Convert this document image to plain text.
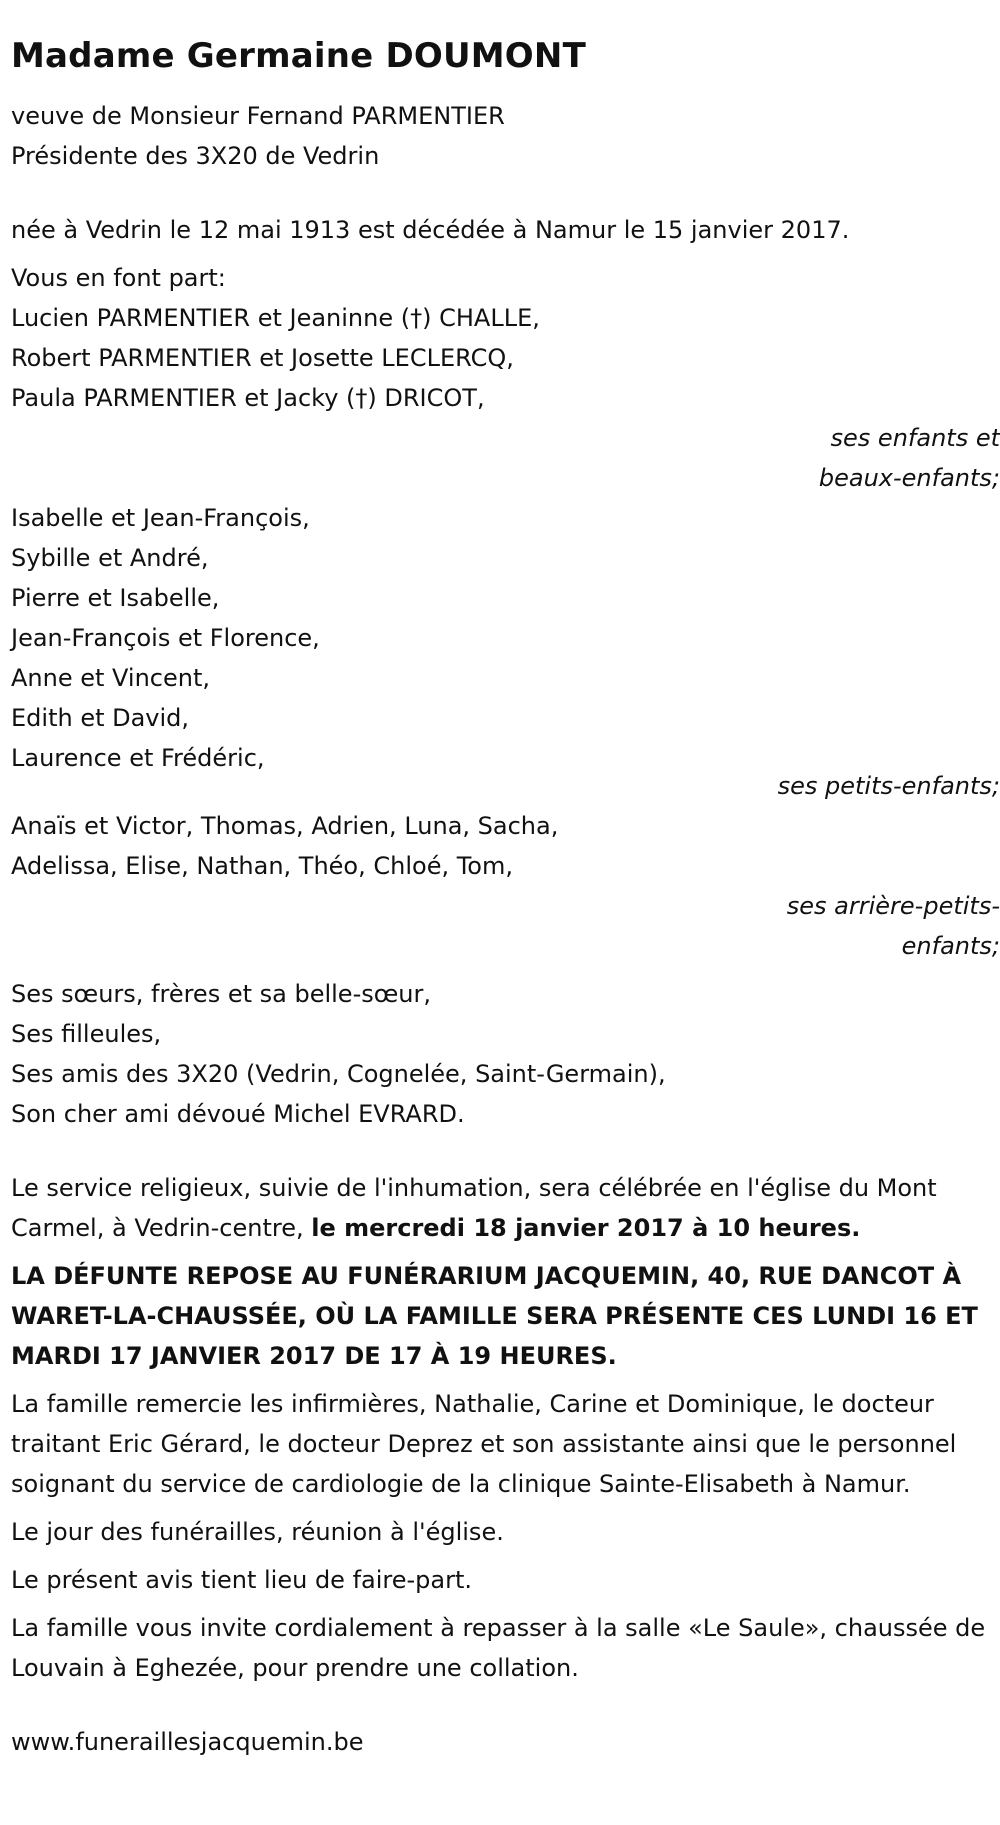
Madame Germaine DOUMONT

veuve de Monsieur Fernand PARMENTIER

Présidente des 3X20 de Vedrin

née à Vedrin le 12 mai 1913 est décédée à Namur le 15 janvier 2017.

Vous en font part:

Lucien PARMENTIER et Jeaninne (†) CHALLE,

Robert PARMENTIER et Josette LECLERCQ,

Paula PARMENTIER et Jacky (†) DRICOT,

ses enfants et

beaux-enfants;

Isabelle et Jean-François,

Sybille et André,

Pierre et Isabelle,

Jean-François et Florence,

Anne et Vincent,

Edith et David,

Laurence et Frédéric,

ses petits-enfants;

Anaïs et Victor, Thomas, Adrien, Luna, Sacha,

Adelissa, Elise, Nathan, Théo, Chloé, Tom,

ses arrière-petits-

enfants;

Ses sœurs, frères et sa belle-sœur,

Ses filleules,

Ses amis des 3X20 (Vedrin, Cognelée, Saint-Germain),

Son cher ami dévoué Michel EVRARD.

Le service religieux, suivie de l'inhumation, sera célébrée en l'église du Mont Carmel, à Vedrin-centre, le mercredi 18 janvier 2017 à 10 heures.

LA DÉFUNTE REPOSE AU FUNÉRARIUM JACQUEMIN, 40, RUE DANCOT À WARET-LA-CHAUSSÉE, OÙ LA FAMILLE SERA PRÉSENTE CES LUNDI 16 ET MARDI 17 JANVIER 2017 DE 17 À 19 HEURES.

La famille remercie les infirmières, Nathalie, Carine et Dominique, le docteur traitant Eric Gérard, le docteur Deprez et son assistante ainsi que le personnel soignant du service de cardiologie de la clinique Sainte-Elisabeth à Namur.

Le jour des funérailles, réunion à l'église.

Le présent avis tient lieu de faire-part.

La famille vous invite cordialement à repasser à la salle «Le Saule», chaussée de Louvain à Eghezée, pour prendre une collation.

www.funeraillesjacquemin.be
